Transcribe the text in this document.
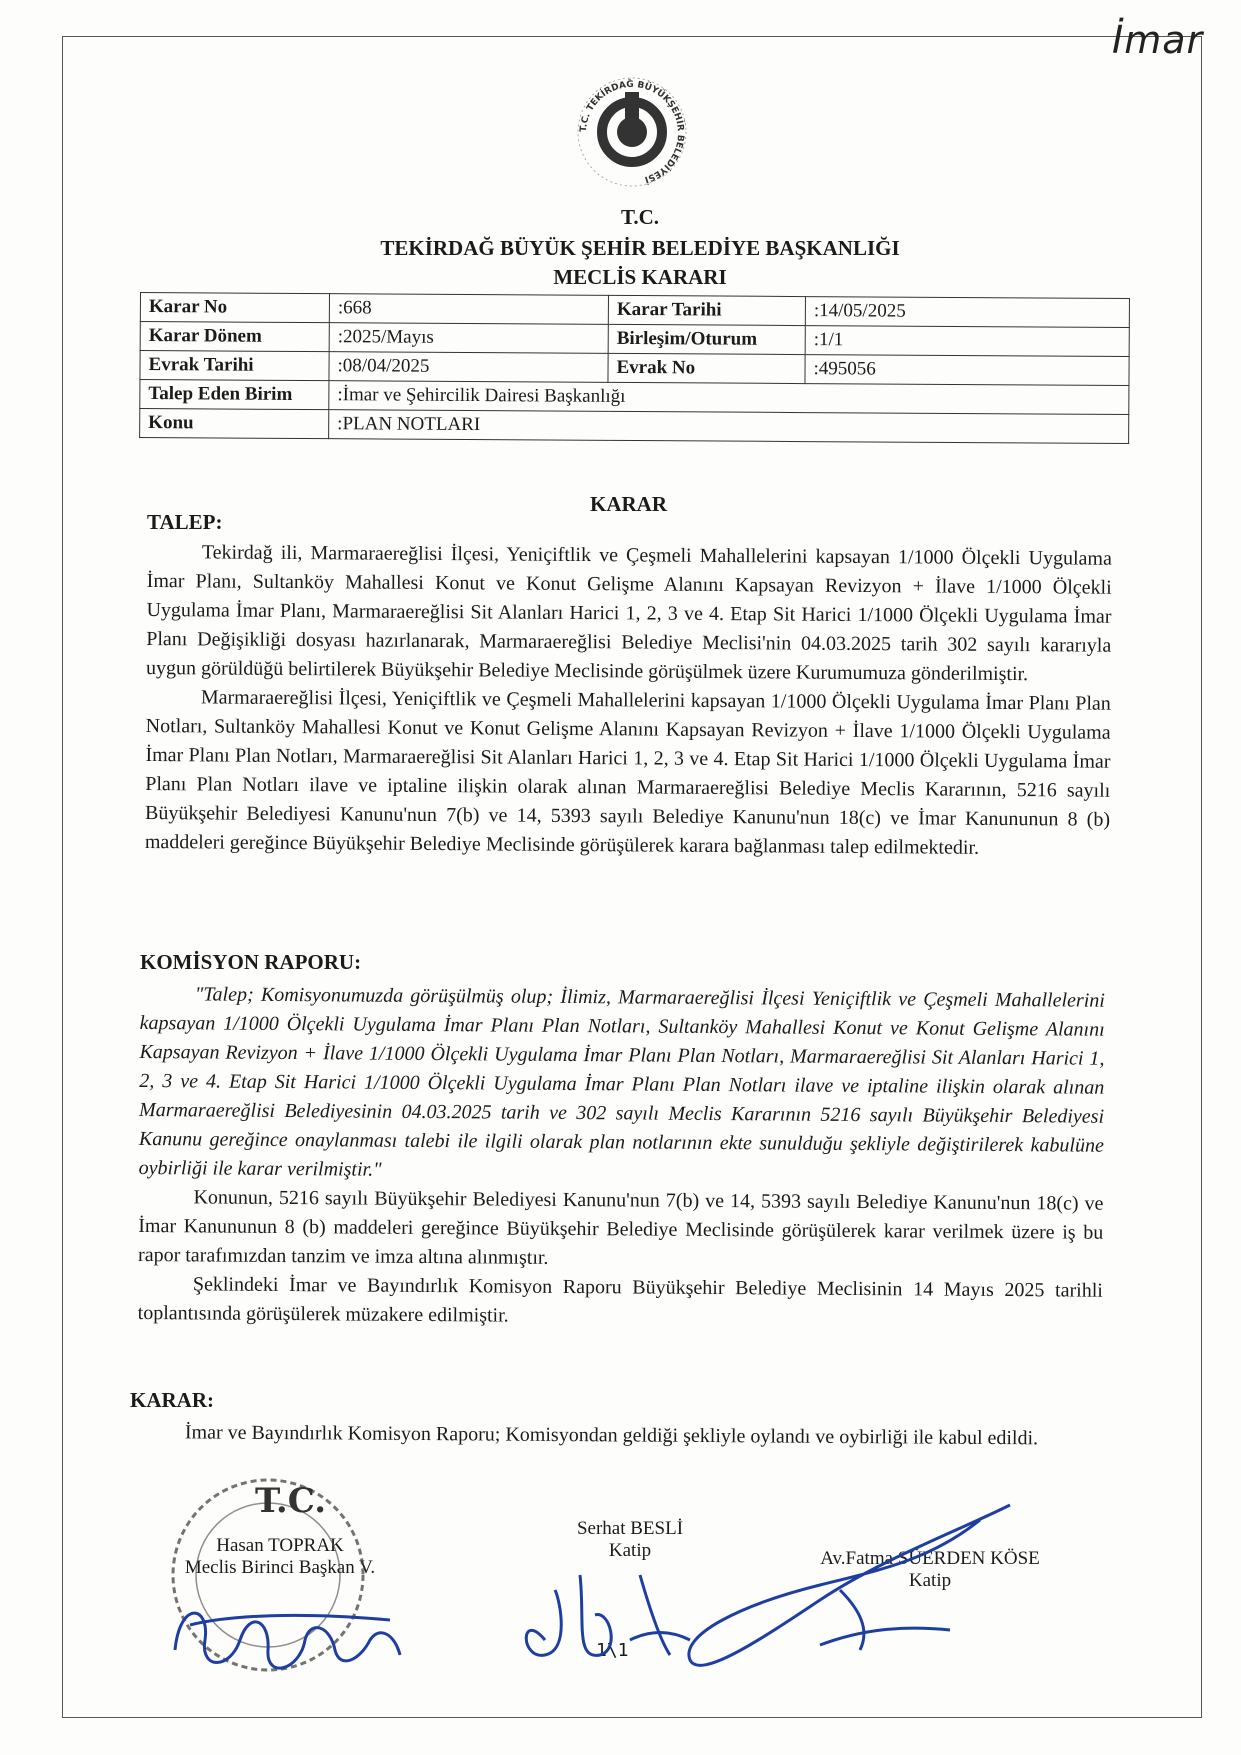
İmar
T.C. TEKİRDAĞ BÜYÜKŞEHİR BELEDİYESİ
T.C.
TEKİRDAĞ BÜYÜK ŞEHİR BELEDİYE BAŞKANLIĞI
MECLİS KARARI
Karar No	:668	Karar Tarihi	:14/05/2025
Karar Dönem	:2025/Mayıs	Birleşim/Oturum	:1/1
Evrak Tarihi	:08/04/2025	Evrak No	:495056
Talep Eden Birim	:İmar ve Şehircilik Dairesi Başkanlığı		
Konu	:PLAN NOTLARI		
KARAR
TALEP:

Tekirdağ ili, Marmaraereğlisi İlçesi, Yeniçiftlik ve Çeşmeli Mahallelerini kapsayan 1/1000 Ölçekli Uygulama İmar Planı, Sultanköy Mahallesi Konut ve Konut Gelişme Alanını Kapsayan Revizyon + İlave 1/1000 Ölçekli Uygulama İmar Planı, Marmaraereğlisi Sit Alanları Harici 1, 2, 3 ve 4. Etap Sit Harici 1/1000 Ölçekli Uygulama İmar Planı Değişikliği dosyası hazırlanarak, Marmaraereğlisi Belediye Meclisi'nin 04.03.2025 tarih 302 sayılı kararıyla uygun görüldüğü belirtilerek Büyükşehir Belediye Meclisinde görüşülmek üzere Kurumumuza gönderilmiştir.

Marmaraereğlisi İlçesi, Yeniçiftlik ve Çeşmeli Mahallelerini kapsayan 1/1000 Ölçekli Uygulama İmar Planı Plan Notları, Sultanköy Mahallesi Konut ve Konut Gelişme Alanını Kapsayan Revizyon + İlave 1/1000 Ölçekli Uygulama İmar Planı Plan Notları, Marmaraereğlisi Sit Alanları Harici 1, 2, 3 ve 4. Etap Sit Harici 1/1000 Ölçekli Uygulama İmar Planı Plan Notları ilave ve iptaline ilişkin olarak alınan Marmaraereğlisi Belediye Meclis Kararının, 5216 sayılı Büyükşehir Belediyesi Kanunu'nun 7(b) ve 14, 5393 sayılı Belediye Kanunu'nun 18(c) ve İmar Kanununun 8 (b) maddeleri gereğince Büyükşehir Belediye Meclisinde görüşülerek karara bağlanması talep edilmektedir.

KOMİSYON RAPORU:

"Talep; Komisyonumuzda görüşülmüş olup; İlimiz, Marmaraereğlisi İlçesi Yeniçiftlik ve Çeşmeli Mahallelerini kapsayan 1/1000 Ölçekli Uygulama İmar Planı Plan Notları, Sultanköy Mahallesi Konut ve Konut Gelişme Alanını Kapsayan Revizyon + İlave 1/1000 Ölçekli Uygulama İmar Planı Plan Notları, Marmaraereğlisi Sit Alanları Harici 1, 2, 3 ve 4. Etap Sit Harici 1/1000 Ölçekli Uygulama İmar Planı Plan Notları ilave ve iptaline ilişkin olarak alınan Marmaraereğlisi Belediyesinin 04.03.2025 tarih ve 302 sayılı Meclis Kararının 5216 sayılı Büyükşehir Belediyesi Kanunu gereğince onaylanması talebi ile ilgili olarak plan notlarının ekte sunulduğu şekliyle değiştirilerek kabulüne oybirliği ile karar verilmiştir."

Konunun, 5216 sayılı Büyükşehir Belediyesi Kanunu'nun 7(b) ve 14, 5393 sayılı Belediye Kanunu'nun 18(c) ve İmar Kanununun 8 (b) maddeleri gereğince Büyükşehir Belediye Meclisinde görüşülerek karar verilmek üzere iş bu rapor tarafımızdan tanzim ve imza altına alınmıştır.

Şeklindeki İmar ve Bayındırlık Komisyon Raporu Büyükşehir Belediye Meclisinin 14 Mayıs 2025 tarihli toplantısında görüşülerek müzakere edilmiştir.

KARAR:

İmar ve Bayındırlık Komisyon Raporu; Komisyondan geldiği şekliyle oylandı ve oybirliği ile kabul edildi.

Hasan TOPRAK
Meclis Birinci Başkan V.
Serhat BESLİ
Katip	Av.Fatma SÜERDEN KÖSE
Katip
1\1
T.C.
